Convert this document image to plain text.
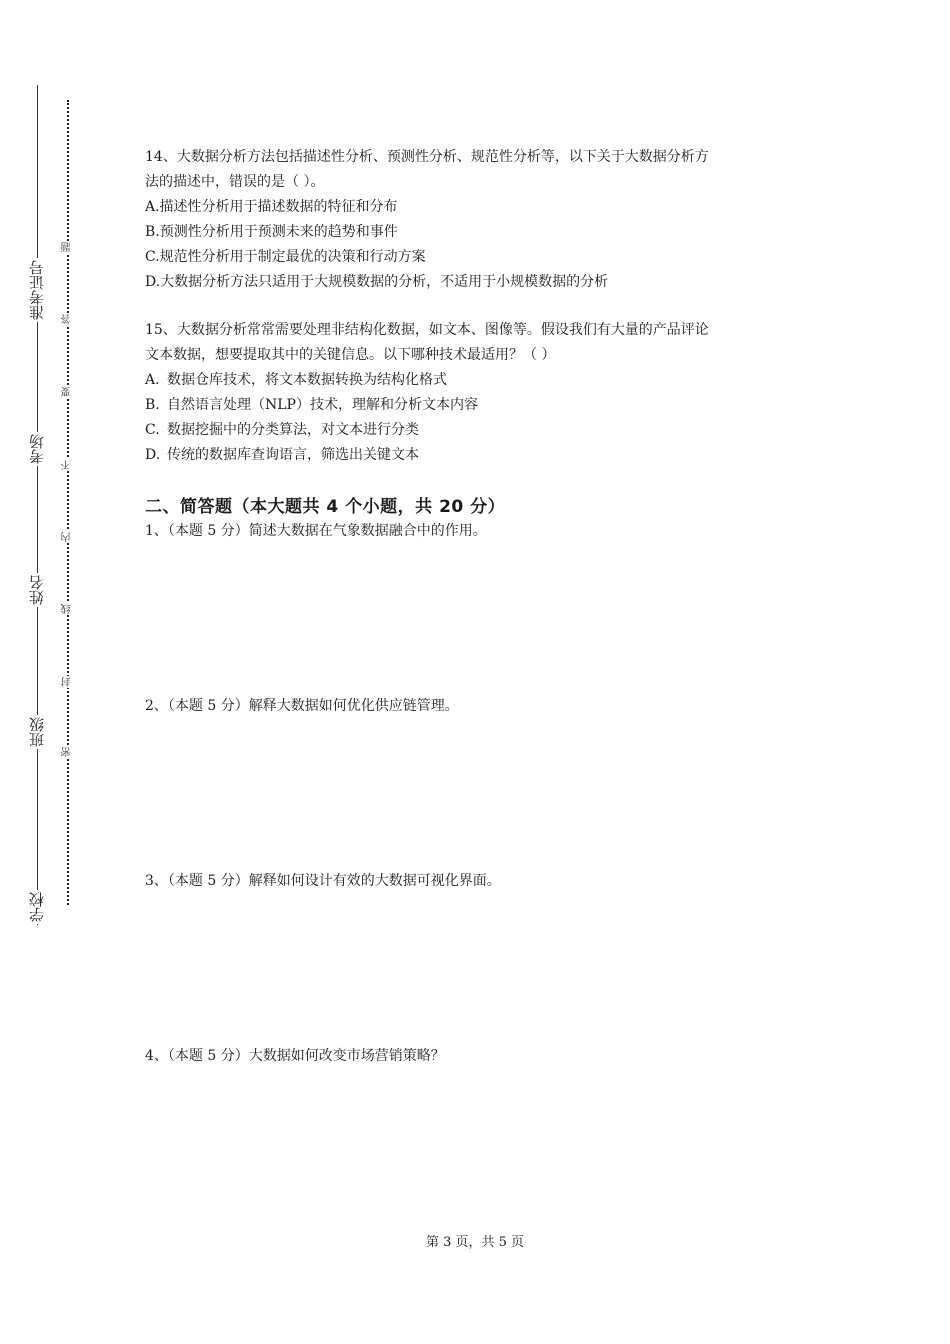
准考证号
考场
姓名
班级
学校
题
答
要
不
内
线
封
密

14、大数据分析方法包括描述性分析、预测性分析、规范性分析等，以下关于大数据分析方

法的描述中，错误的是（ ）。

A.描述性分析用于描述数据的特征和分布

B.预测性分析用于预测未来的趋势和事件

C.规范性分析用于制定最优的决策和行动方案

D.大数据分析方法只适用于大规模数据的分析，不适用于小规模数据的分析

15、大数据分析常常需要处理非结构化数据，如文本、图像等。假设我们有大量的产品评论

文本数据，想要提取其中的关键信息。以下哪种技术最适用？（ ）

A. 数据仓库技术，将文本数据转换为结构化格式

B. 自然语言处理（NLP）技术，理解和分析文本内容

C. 数据挖掘中的分类算法，对文本进行分类

D. 传统的数据库查询语言，筛选出关键文本

二、简答题（本大题共 4 个小题，共 20 分）
1、（本题 5 分）简述大数据在气象数据融合中的作用。
2、（本题 5 分）解释大数据如何优化供应链管理。
3、（本题 5 分）解释如何设计有效的大数据可视化界面。
4、（本题 5 分）大数据如何改变市场营销策略？
第 3 页，共 5 页
